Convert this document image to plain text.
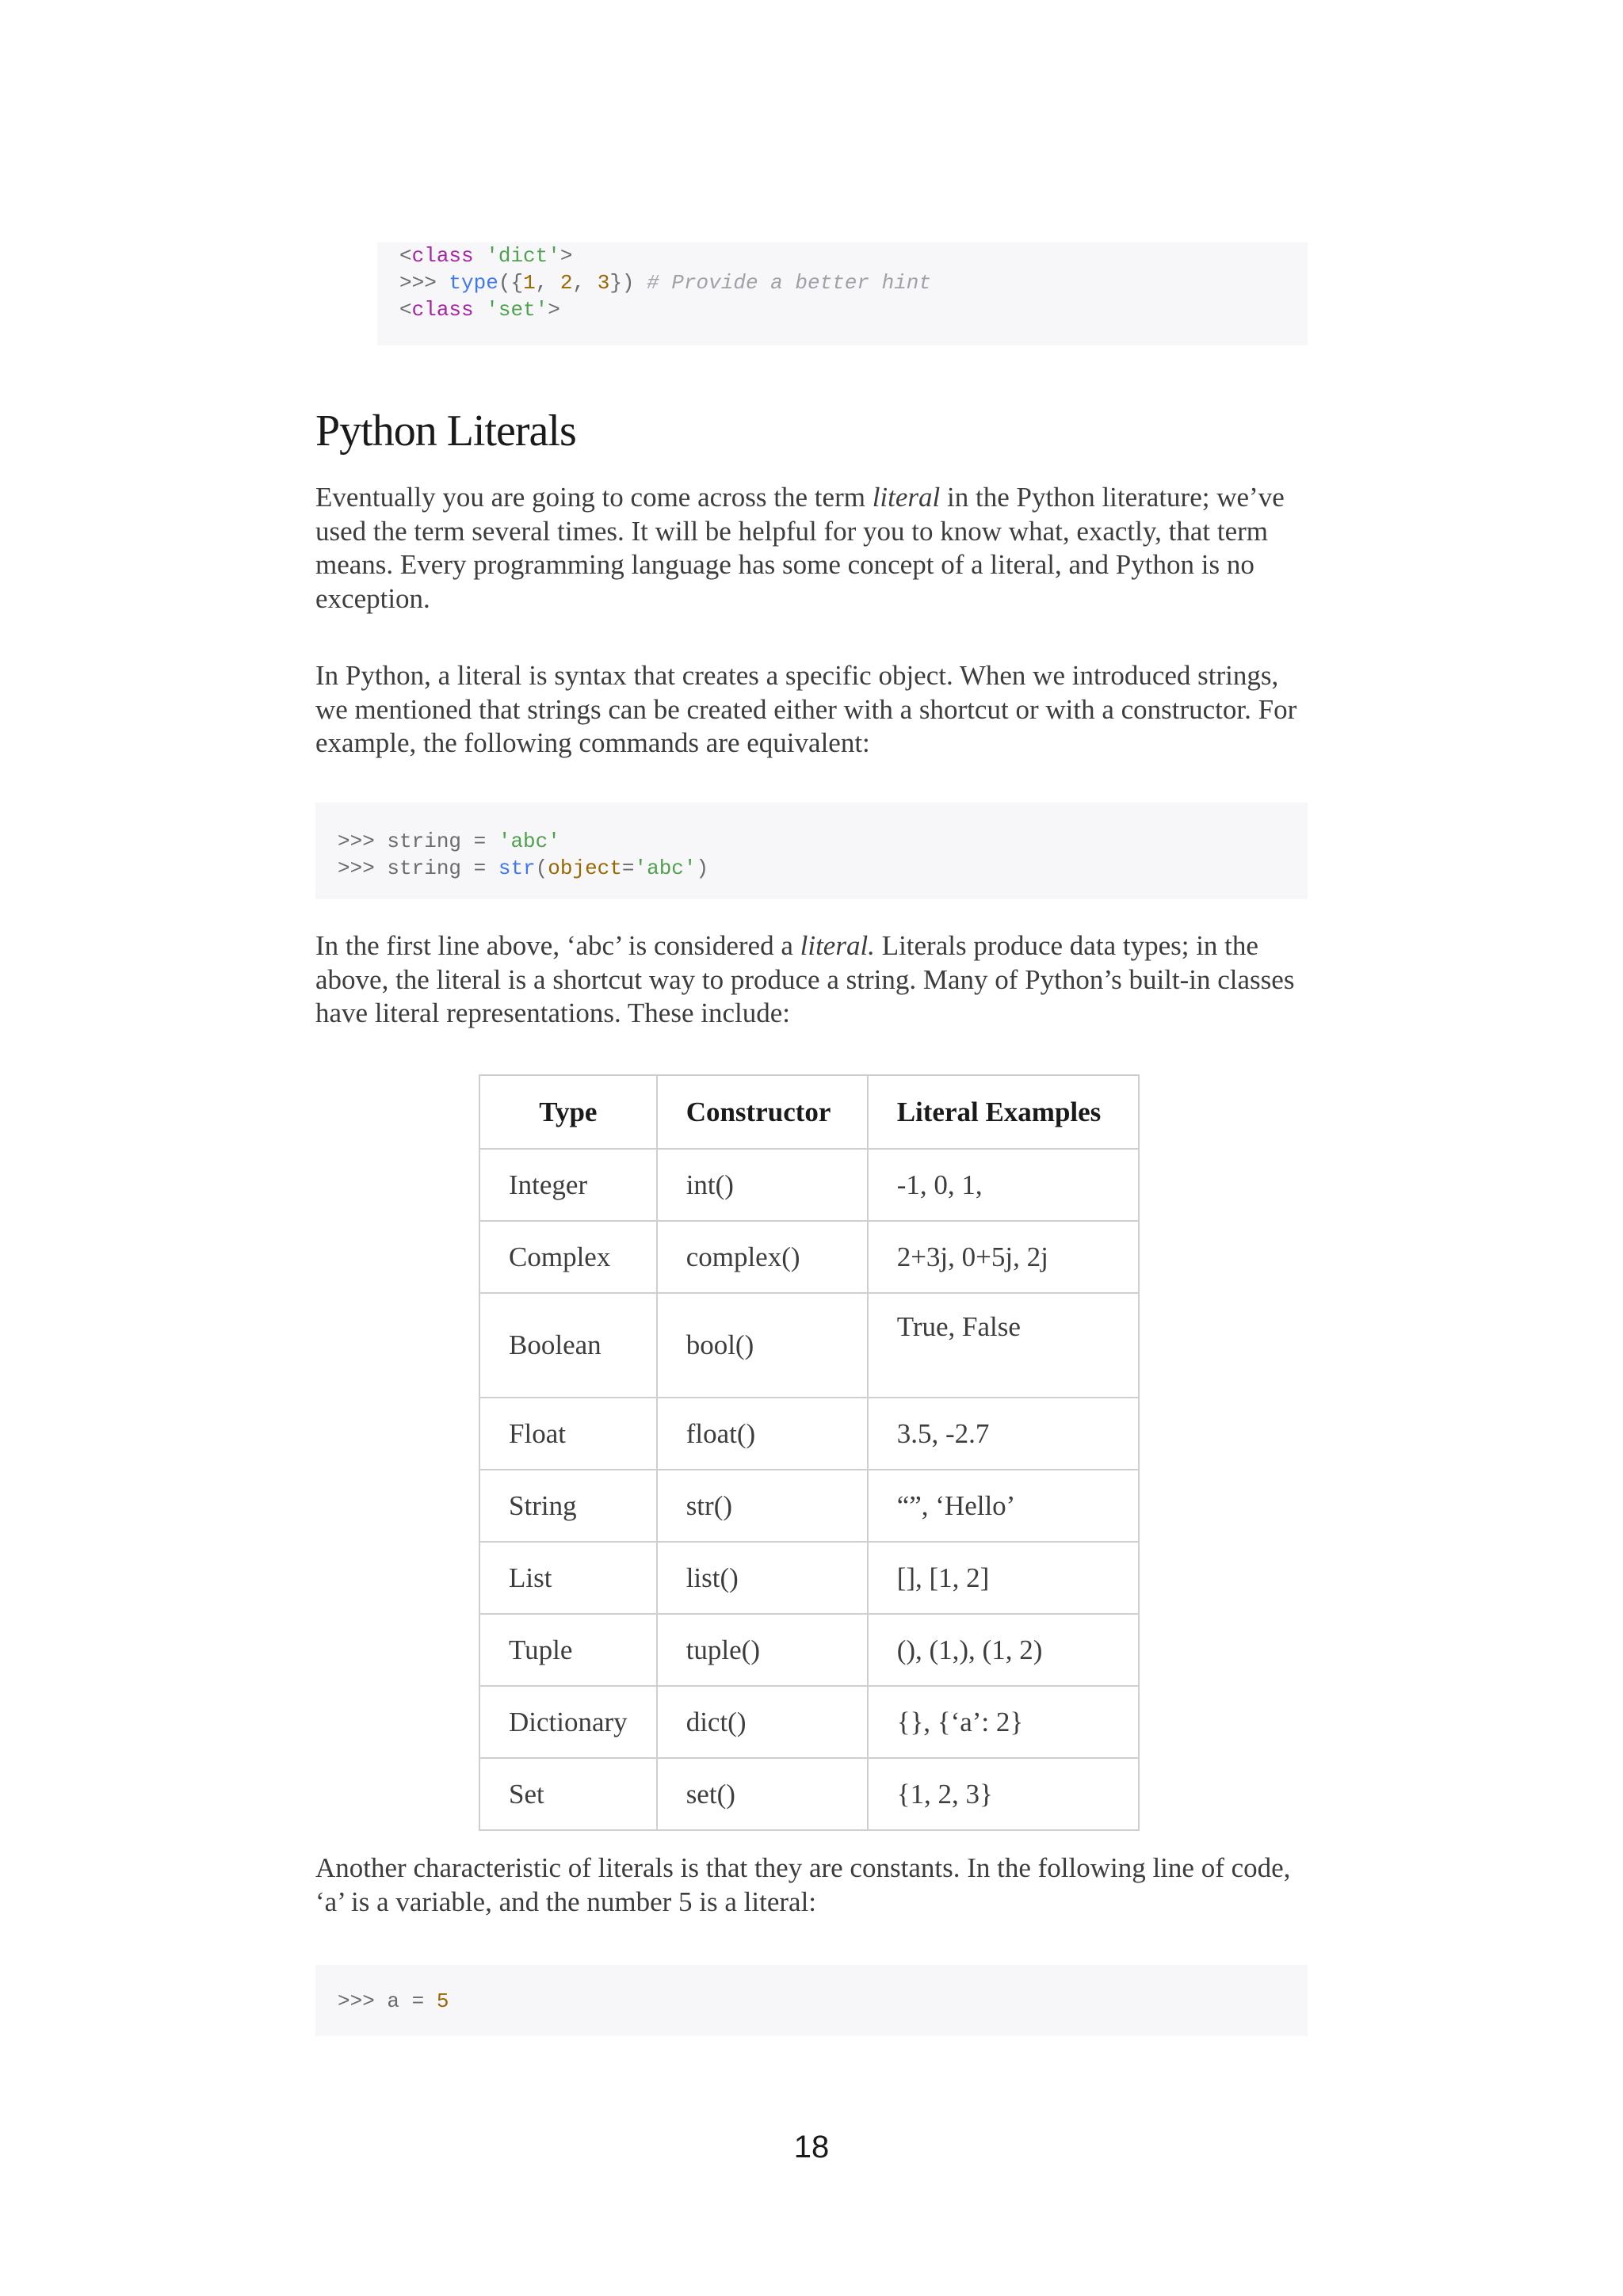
<class 'dict'>
>>> type({1, 2, 3}) # Provide a better hint
<class 'set'>
Python Literals

Eventually you are going to come across the term literal in the Python literature; we’ve used the term several times. It will be helpful for you to know what, exactly, that term means. Every programming language has some concept of a literal, and Python is no exception.

In Python, a literal is syntax that creates a specific object. When we introduced strings, we mentioned that strings can be created either with a shortcut or with a constructor. For example, the following commands are equivalent:

>>> string = 'abc'
>>> string = str(object='abc')

In the first line above, ‘abc’ is considered a literal. Literals produce data types; in the above, the literal is a shortcut way to produce a string. Many of Python’s built-in classes have literal representations. These include:

Type	Constructor	Literal Examples
Integer	int()	-1, 0, 1,
Complex	complex()	2+3j, 0+5j, 2j
Boolean	bool()	True, False
Float	float()	3.5, -2.7
String	str()	“”, ‘Hello’
List	list()	[], [1, 2]
Tuple	tuple()	(), (1,), (1, 2)
Dictionary	dict()	{}, {‘a’: 2}
Set	set()	{1, 2, 3}

Another characteristic of literals is that they are constants. In the following line of code, ‘a’ is a variable, and the number 5 is a literal:

>>> a = 5
18
